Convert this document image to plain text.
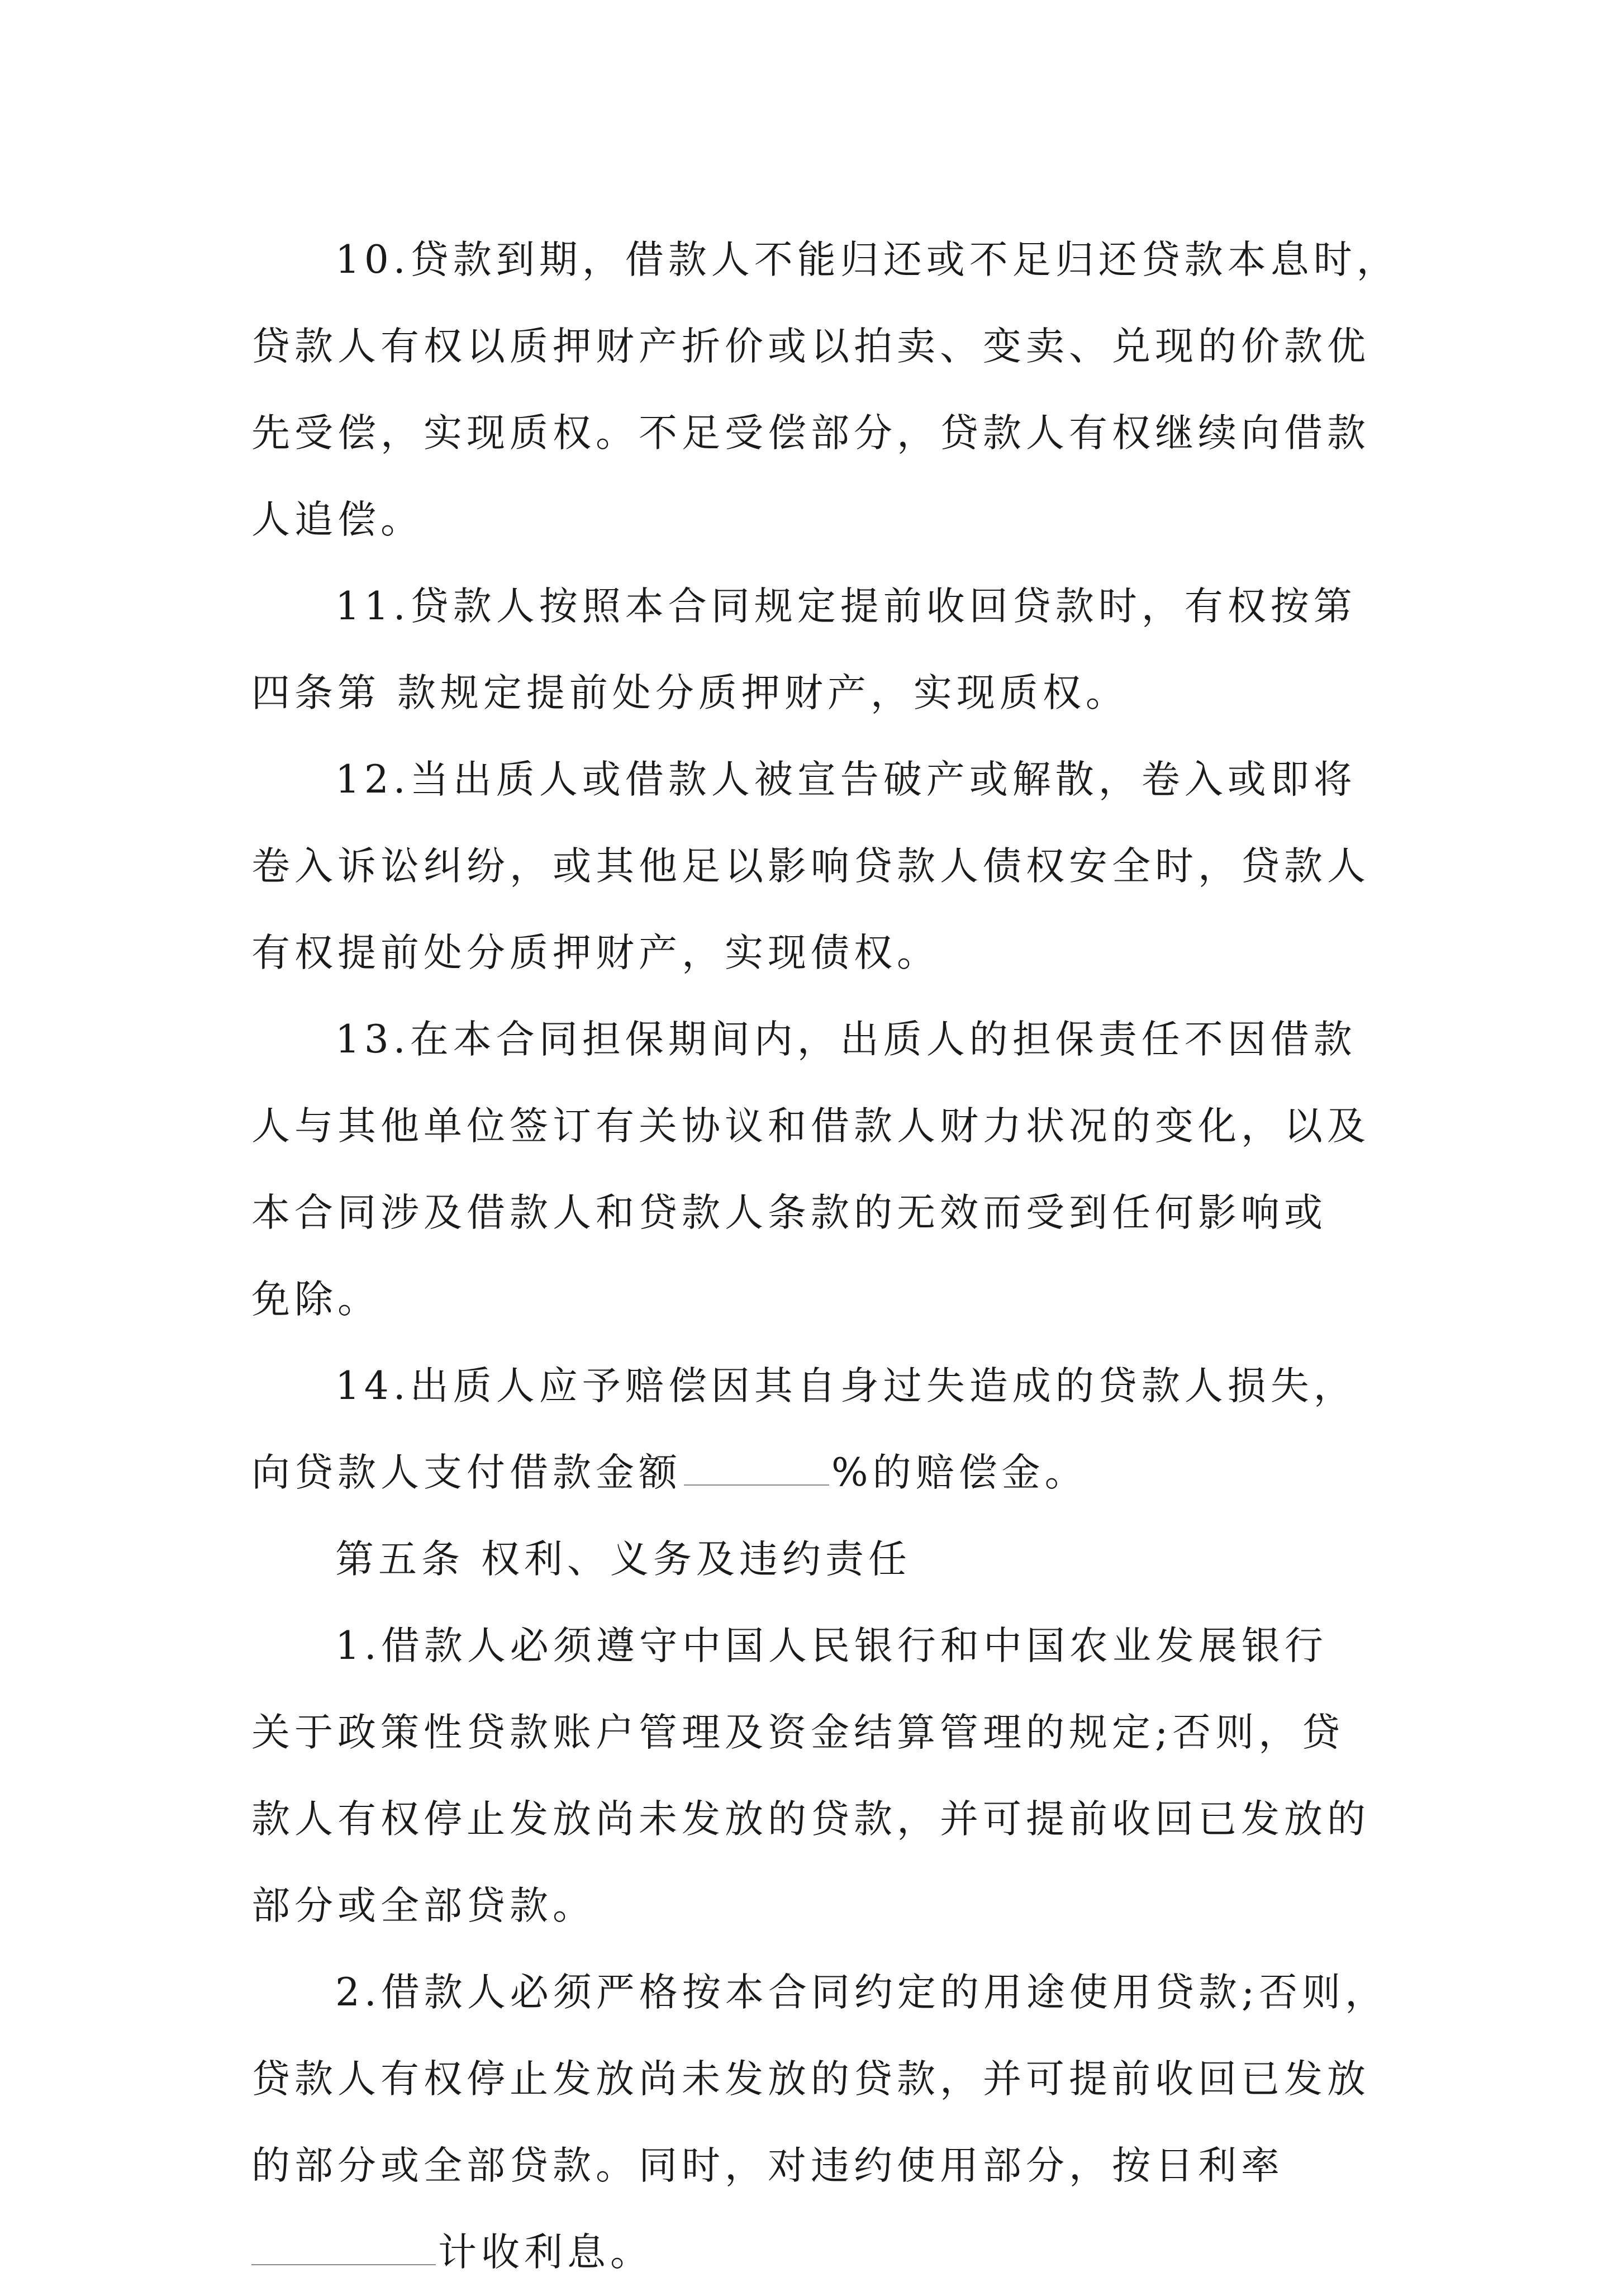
10.贷款到期，借款人不能归还或不足归还贷款本息时，
贷款人有权以质押财产折价或以拍卖、变卖、兑现的价款优
先受偿，实现质权。不足受偿部分，贷款人有权继续向借款
人追偿。
11.贷款人按照本合同规定提前收回贷款时，有权按第
四条第 款规定提前处分质押财产，实现质权。
12.当出质人或借款人被宣告破产或解散，卷入或即将
卷入诉讼纠纷，或其他足以影响贷款人债权安全时，贷款人
有权提前处分质押财产，实现债权。
13.在本合同担保期间内，出质人的担保责任不因借款
人与其他单位签订有关协议和借款人财力状况的变化，以及
本合同涉及借款人和贷款人条款的无效而受到任何影响或
免除。
14.出质人应予赔偿因其自身过失造成的贷款人损失，
向贷款人支付借款金额	%的赔偿金。
第五条 权利、义务及违约责任
1.借款人必须遵守中国人民银行和中国农业发展银行
关于政策性贷款账户管理及资金结算管理的规定;否则，贷
款人有权停止发放尚未发放的贷款，并可提前收回已发放的
部分或全部贷款。
2.借款人必须严格按本合同约定的用途使用贷款;否则，
贷款人有权停止发放尚未发放的贷款，并可提前收回已发放
的部分或全部贷款。同时，对违约使用部分，按日利率
计收利息。
